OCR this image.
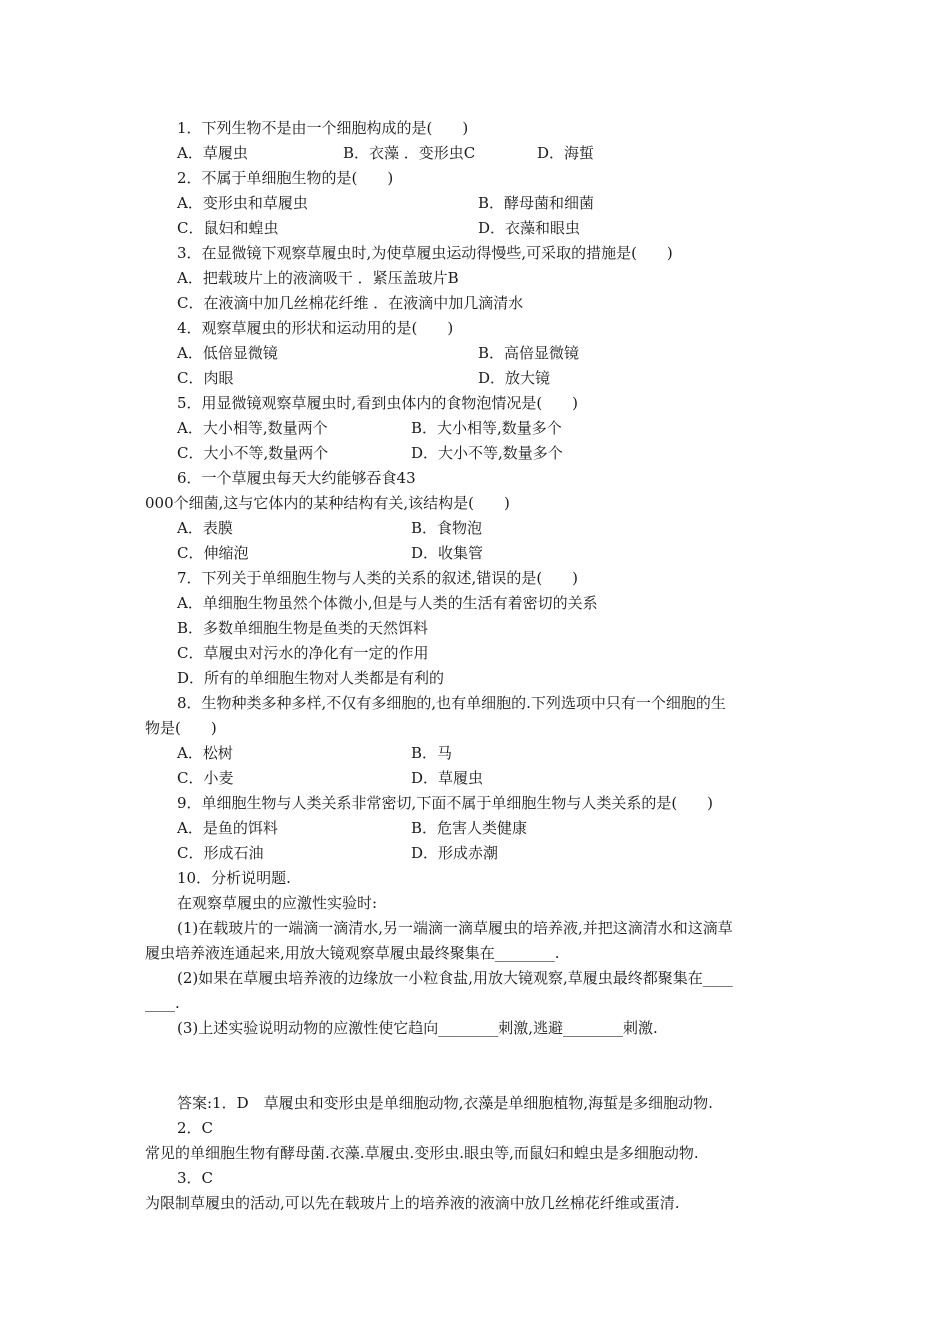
1．下列生物不是由一个细胞构成的是(　　)
A．草履虫	B．衣藻 ．变形虫C	D．海蜇
2．不属于单细胞生物的是(　　)
A．变形虫和草履虫	B．酵母菌和细菌
C．鼠妇和蝗虫	D．衣藻和眼虫
3．在显微镜下观察草履虫时,为使草履虫运动得慢些,可采取的措施是(　　)
A．把载玻片上的液滴吸干 ．紧压盖玻片B
C．在液滴中加几丝棉花纤维 ．在液滴中加几滴清水
4．观察草履虫的形状和运动用的是(　　)
A．低倍显微镜	B．高倍显微镜
C．肉眼	D．放大镜
5．用显微镜观察草履虫时,看到虫体内的食物泡情况是(　　)
A．大小相等,数量两个	B．大小相等,数量多个
C．大小不等,数量两个	D．大小不等,数量多个
6．一个草履虫每天大约能够吞食43
000个细菌,这与它体内的某种结构有关,该结构是(　　)
A．表膜	B．食物泡
C．伸缩泡	D．收集管
7．下列关于单细胞生物与人类的关系的叙述,错误的是(　　)
A．单细胞生物虽然个体微小,但是与人类的生活有着密切的关系
B．多数单细胞生物是鱼类的天然饵料
C．草履虫对污水的净化有一定的作用
D．所有的单细胞生物对人类都是有利的
8．生物种类多种多样,不仅有多细胞的,也有单细胞的.下列选项中只有一个细胞的生
物是(　　)
A．松树	B．马
C．小麦	D．草履虫
9．单细胞生物与人类关系非常密切,下面不属于单细胞生物与人类关系的是(　　)
A．是鱼的饵料	B．危害人类健康
C．形成石油	D．形成赤潮
10．分析说明题.
在观察草履虫的应激性实验时:
(1)在载玻片的一端滴一滴清水,另一端滴一滴草履虫的培养液,并把这滴清水和这滴草
履虫培养液连通起来,用放大镜观察草履虫最终聚集在________.
(2)如果在草履虫培养液的边缘放一小粒食盐,用放大镜观察,草履虫最终都聚集在____
____.
(3)上述实验说明动物的应激性使它趋向________刺激,逃避________刺激.
答案:1．D　草履虫和变形虫是单细胞动物,衣藻是单细胞植物,海蜇是多细胞动物.
2．C
常见的单细胞生物有酵母菌.衣藻.草履虫.变形虫.眼虫等,而鼠妇和蝗虫是多细胞动物.
3．C
为限制草履虫的活动,可以先在载玻片上的培养液的液滴中放几丝棉花纤维或蛋清.
